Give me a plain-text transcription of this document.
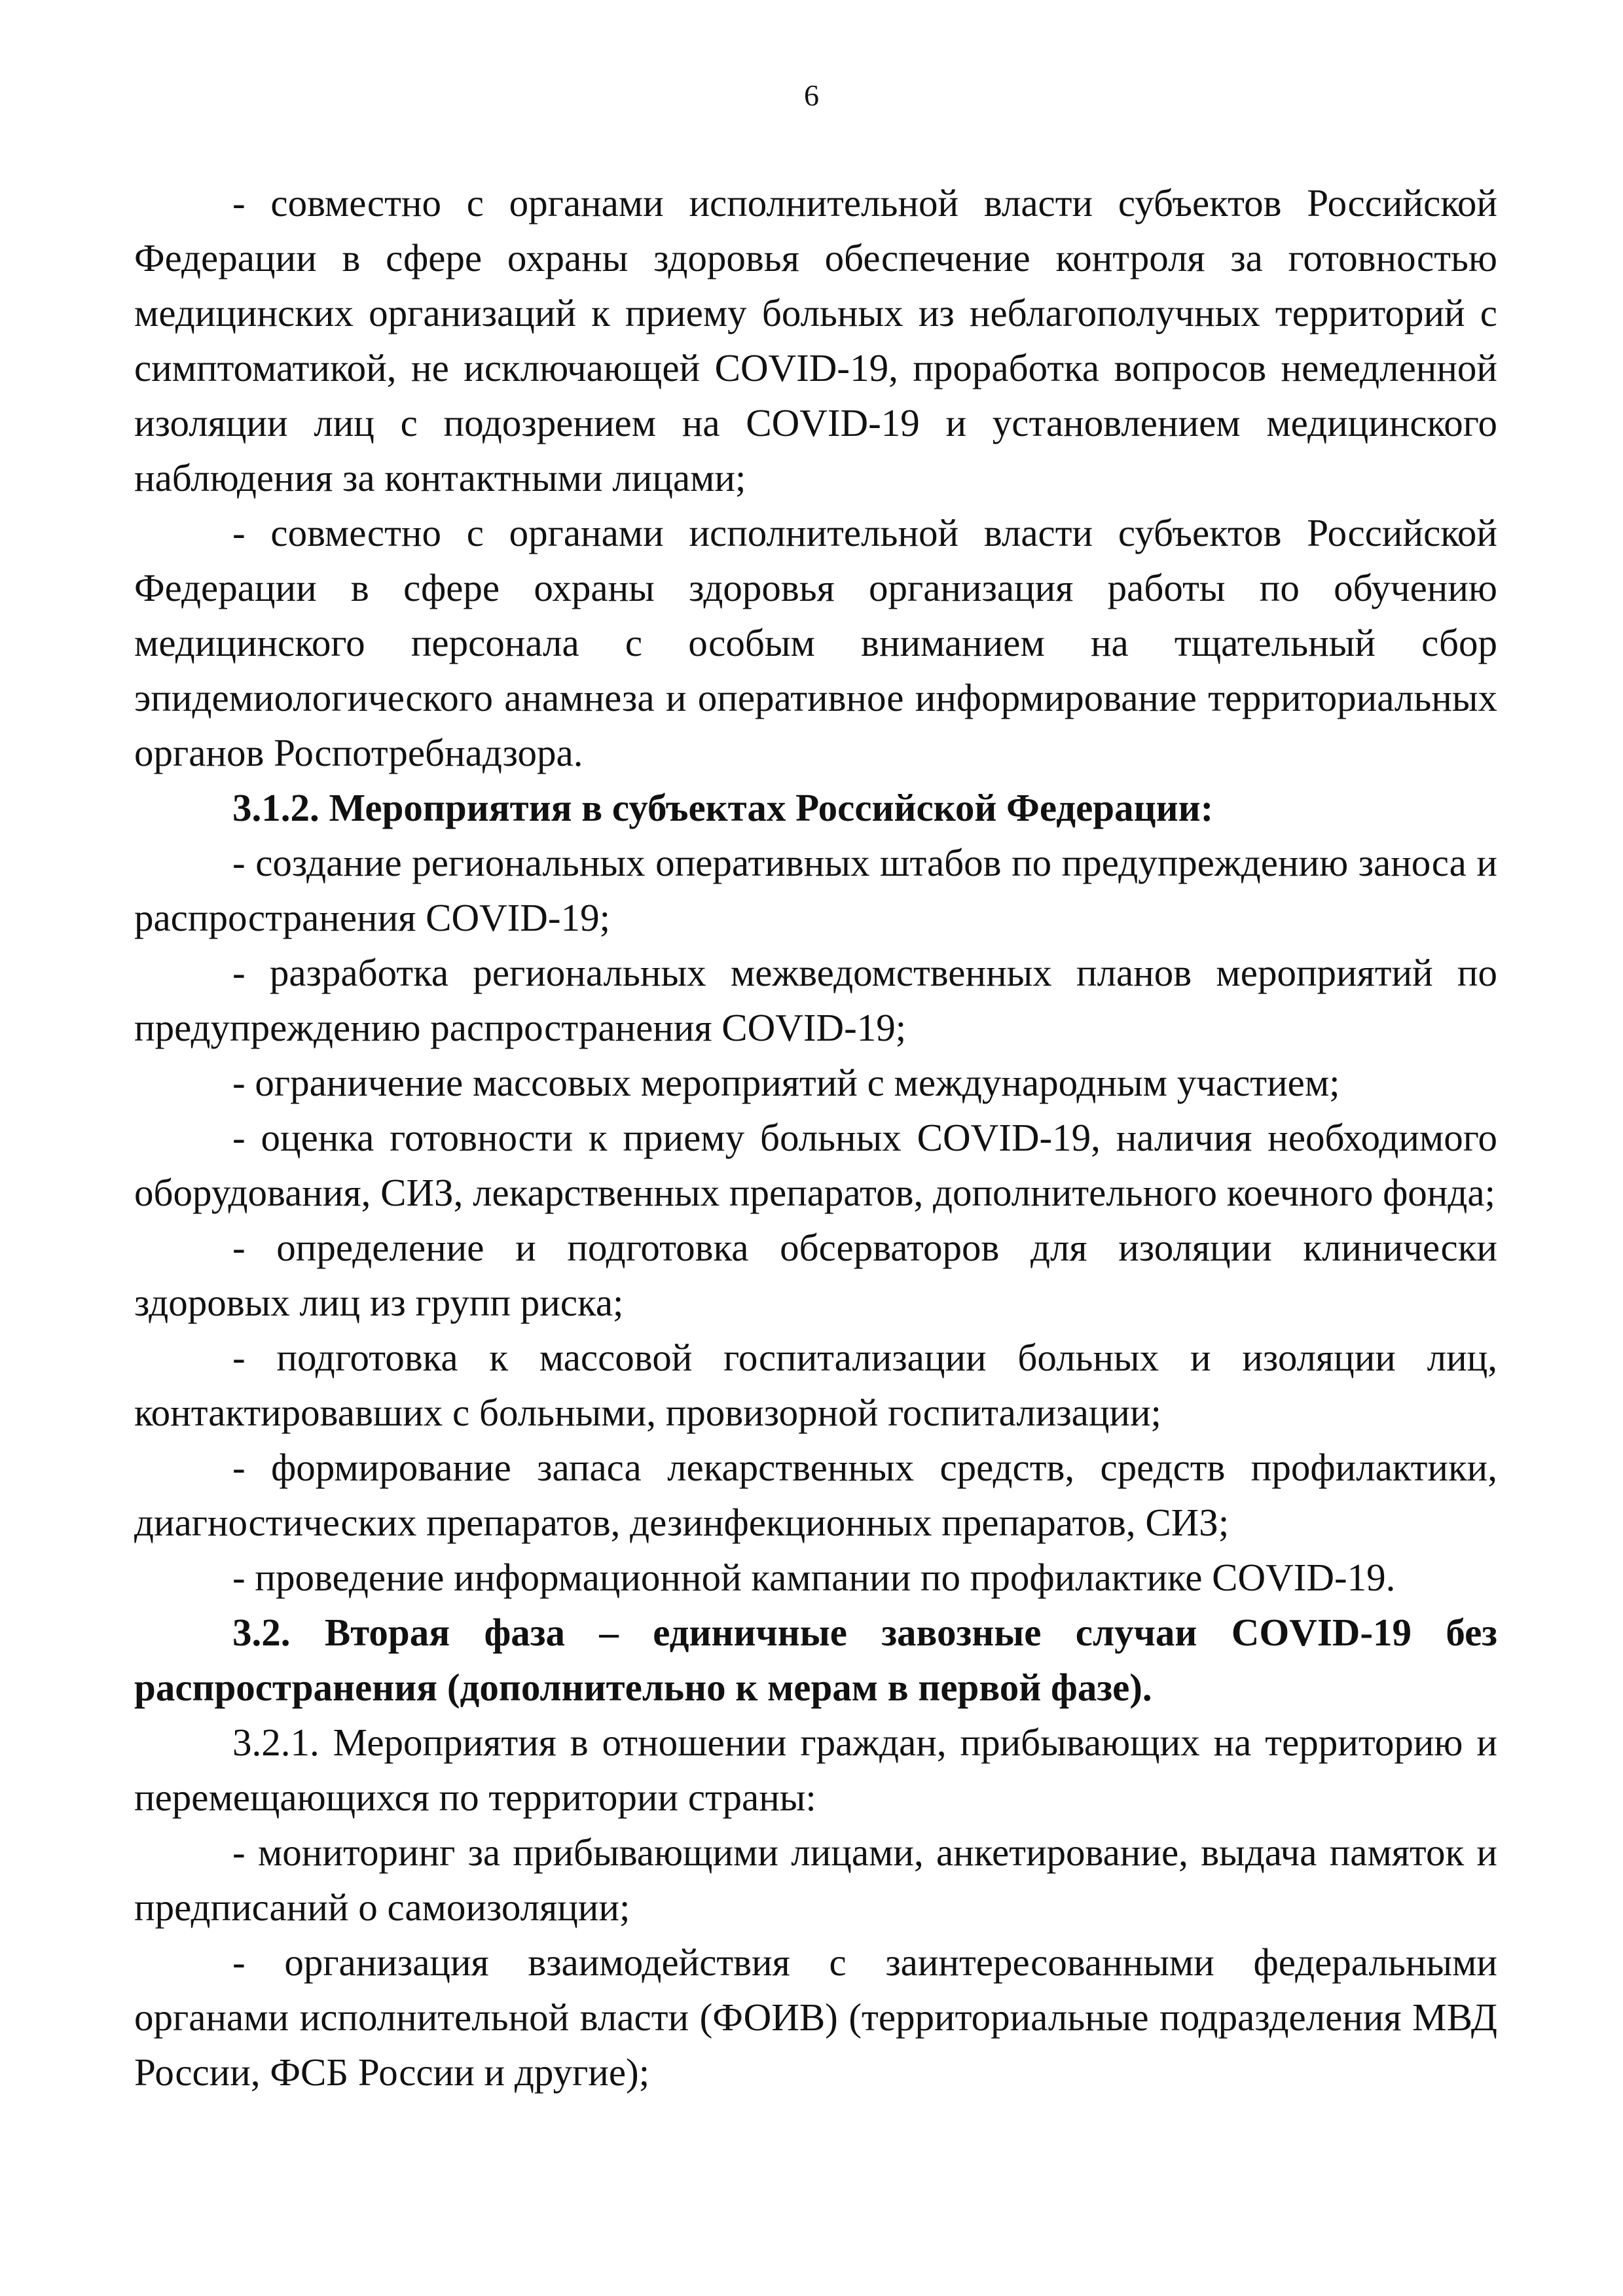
6

- совместно с органами исполнительной власти субъектов Российской Федерации в сфере охраны здоровья обеспечение контроля за готовностью медицинских организаций к приему больных из неблагополучных территорий с симптоматикой, не исключающей COVID-19, проработка вопросов немедленной изоляции лиц с подозрением на COVID-19 и установлением медицинского наблюдения за контактными лицами;

- совместно с органами исполнительной власти субъектов Российской Федерации в сфере охраны здоровья организация работы по обучению медицинского персонала с особым вниманием на тщательный сбор эпидемиологического анамнеза и оперативное информирование территориальных органов Роспотребнадзора.

3.1.2. Мероприятия в субъектах Российской Федерации:

- создание региональных оперативных штабов по предупреждению заноса и распространения COVID-19;

- разработка региональных межведомственных планов мероприятий по предупреждению распространения COVID-19;

- ограничение массовых мероприятий с международным участием;

- оценка готовности к приему больных COVID-19, наличия необходимого оборудования, СИЗ, лекарственных препаратов, дополнительного коечного фонда;

- определение и подготовка обсерваторов для изоляции клинически здоровых лиц из групп риска;

- подготовка к массовой госпитализации больных и изоляции лиц, контактировавших с больными, провизорной госпитализации;

- формирование запаса лекарственных средств, средств профилактики, диагностических препаратов, дезинфекционных препаратов, СИЗ;

- проведение информационной кампании по профилактике COVID-19.

3.2. Вторая фаза – единичные завозные случаи COVID-19 без распространения (дополнительно к мерам в первой фазе).

3.2.1. Мероприятия в отношении граждан, прибывающих на территорию и перемещающихся по территории страны:

- мониторинг за прибывающими лицами, анкетирование, выдача памяток и предписаний о самоизоляции;

- организация взаимодействия с заинтересованными федеральными органами исполнительной власти (ФОИВ) (территориальные подразделения МВД России, ФСБ России и другие);
